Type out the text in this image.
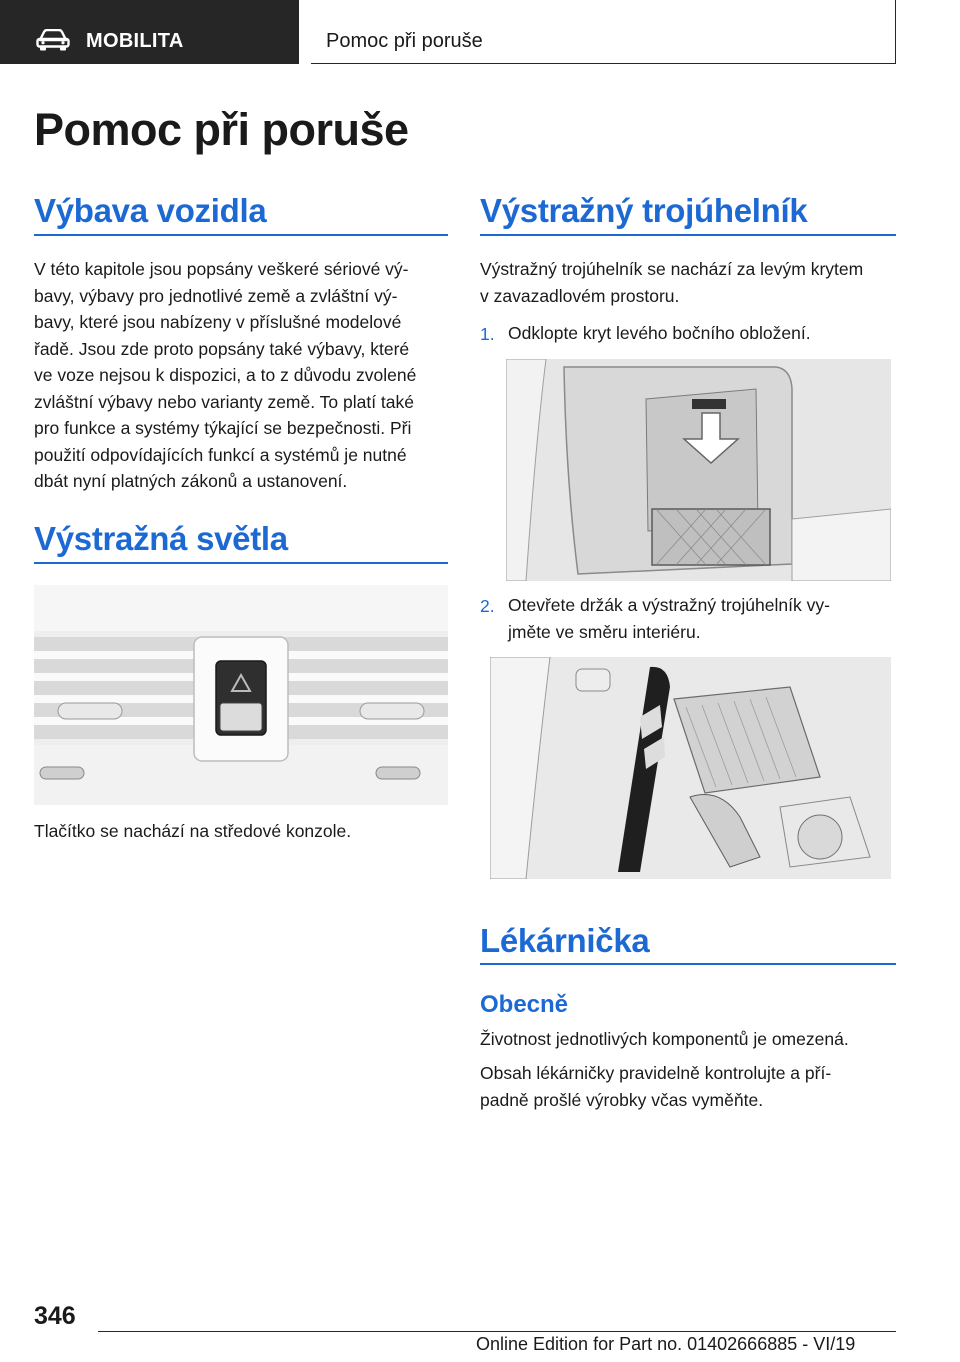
MOBILITA	Pomoc při poruše
Pomoc při poruše
Výbava vozidla
V této kapitole jsou popsány veškeré sériové vý‐
bavy, výbavy pro jednotlivé země a zvláštní vý‐
bavy, které jsou nabízeny v příslušné modelové
řadě. Jsou zde proto popsány také výbavy, které
ve voze nejsou k dispozici, a to z důvodu zvolené
zvláštní výbavy nebo varianty země. To platí také
pro funkce a systémy týkající se bezpečnosti. Při
použití odpovídajících funkcí a systémů je nutné
dbát nyní platných zákonů a ustanovení.
Výstražná světla
Tlačítko se nachází na středové konzole.
Výstražný trojúhelník
Výstražný trojúhelník se nachází za levým krytem
v zavazadlovém prostoru.
1. Odklopte kryt levého bočního obložení.
2. Otevřete držák a výstražný trojúhelník vy‐
jměte ve směru interiéru.
Lékárnička
Obecně
Životnost jednotlivých komponentů je omezená.
Obsah lékárničky pravidelně kontrolujte a pří‐
padně prošlé výrobky včas vyměňte.
346
Online Edition for Part no. 01402666885 - VI/19
